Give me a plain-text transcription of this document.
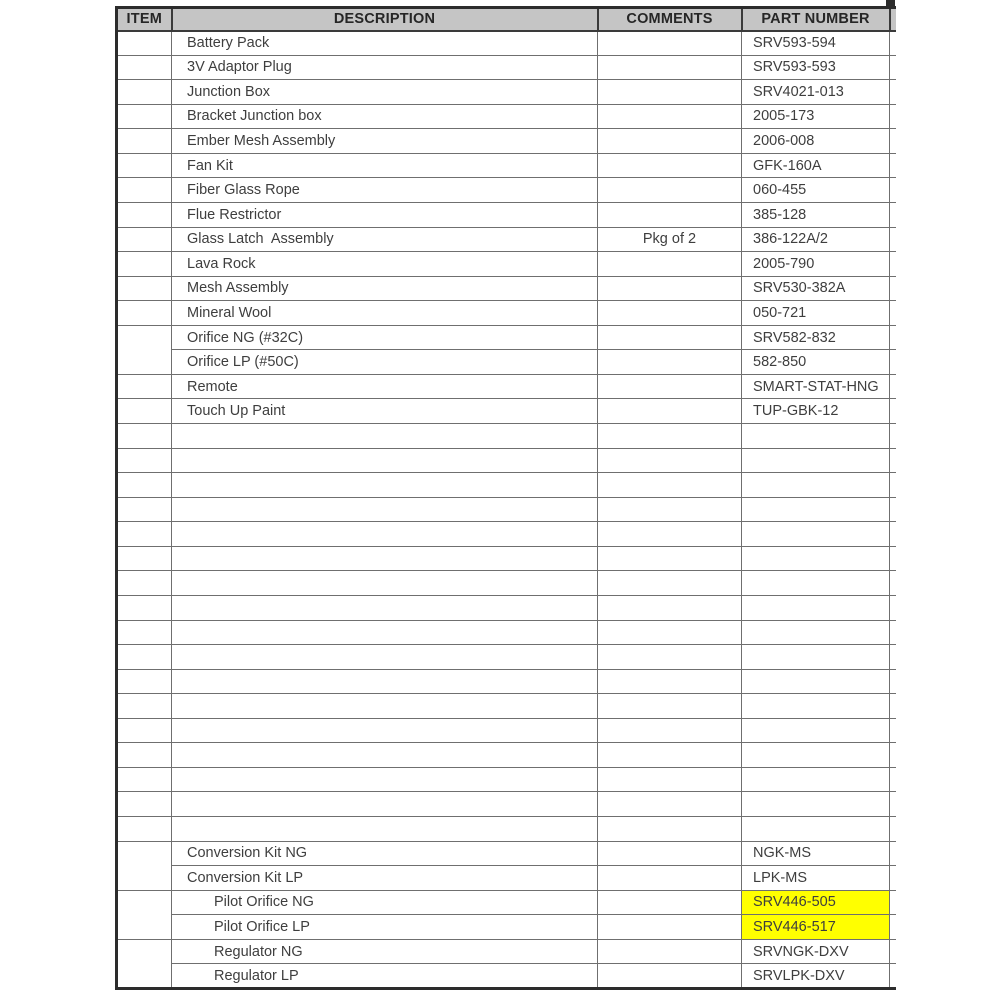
ITEM	DESCRIPTION	COMMENTS	PART NUMBER	
	Battery Pack		SRV593-594	
	3V Adaptor Plug		SRV593-593	
	Junction Box		SRV4021-013	
	Bracket Junction box		2005-173	
	Ember Mesh Assembly		2006-008	
	Fan Kit		GFK-160A	
	Fiber Glass Rope		060-455	
	Flue Restrictor		385-128	
	Glass Latch  Assembly	Pkg of 2	386-122A/2	
	Lava Rock		2005-790	
	Mesh Assembly		SRV530-382A	
	Mineral Wool		050-721	
	Orifice NG (#32C)		SRV582-832	
	Orifice LP (#50C)		582-850	
	Remote		SMART-STAT-HNG	
	Touch Up Paint		TUP-GBK-12	

	Conversion Kit NG		NGK-MS	
	Conversion Kit LP		LPK-MS	
	Pilot Orifice NG		SRV446-505	
	Pilot Orifice LP		SRV446-517	
	Regulator NG		SRVNGK-DXV	
	Regulator LP		SRVLPK-DXV	
